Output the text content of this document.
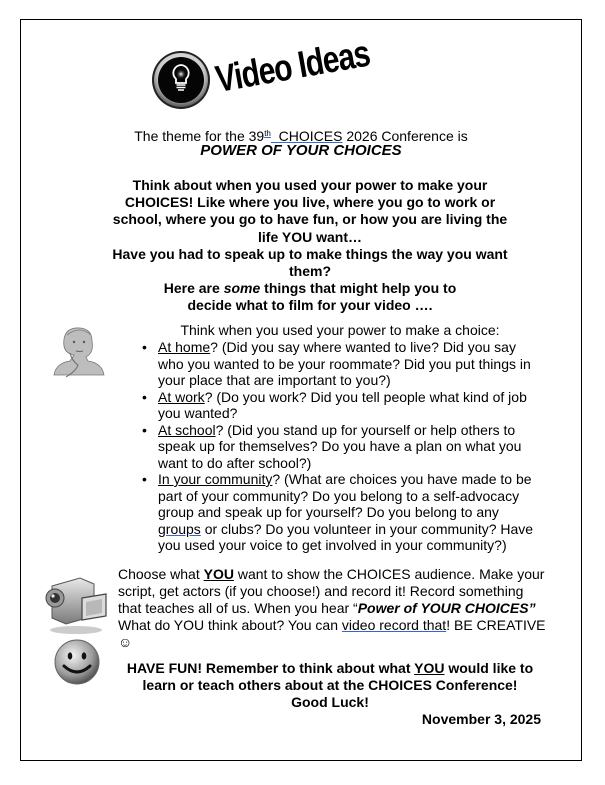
Video Ideas
The theme for the 39th CHOICES 2026 Conference is
POWER OF YOUR CHOICES
Think about when you used your power to make your CHOICES! Like where you live, where you go to work or school, where you go to have fun, or how you are living the life YOU want…
Have you had to speak up to make things the way you want them?
Here are some things that might help you to decide what to film for your video ….
Think when you used your power to make a choice:
• At home? (Did you say where wanted to live? Did you say who you wanted to be your roommate? Did you put things in your place that are important to you?)
• At work? (Do you work? Did you tell people what kind of job you wanted?
• At school? (Did you stand up for yourself or help others to speak up for themselves? Do you have a plan on what you want to do after school?)
• In your community? (What are choices you have made to be part of your community? Do you belong to a self-advocacy group and speak up for yourself? Do you belong to any groups or clubs? Do you volunteer in your community? Have you used your voice to get involved in your community?)
Choose what YOU want to show the CHOICES audience. Make your script, get actors (if you choose!) and record it! Record something that teaches all of us. When you hear “Power of YOUR CHOICES” What do YOU think about? You can video record that! BE CREATIVE ☺
HAVE FUN! Remember to think about what YOU would like to learn or teach others about at the CHOICES Conference!
Good Luck!
November 3, 2025
